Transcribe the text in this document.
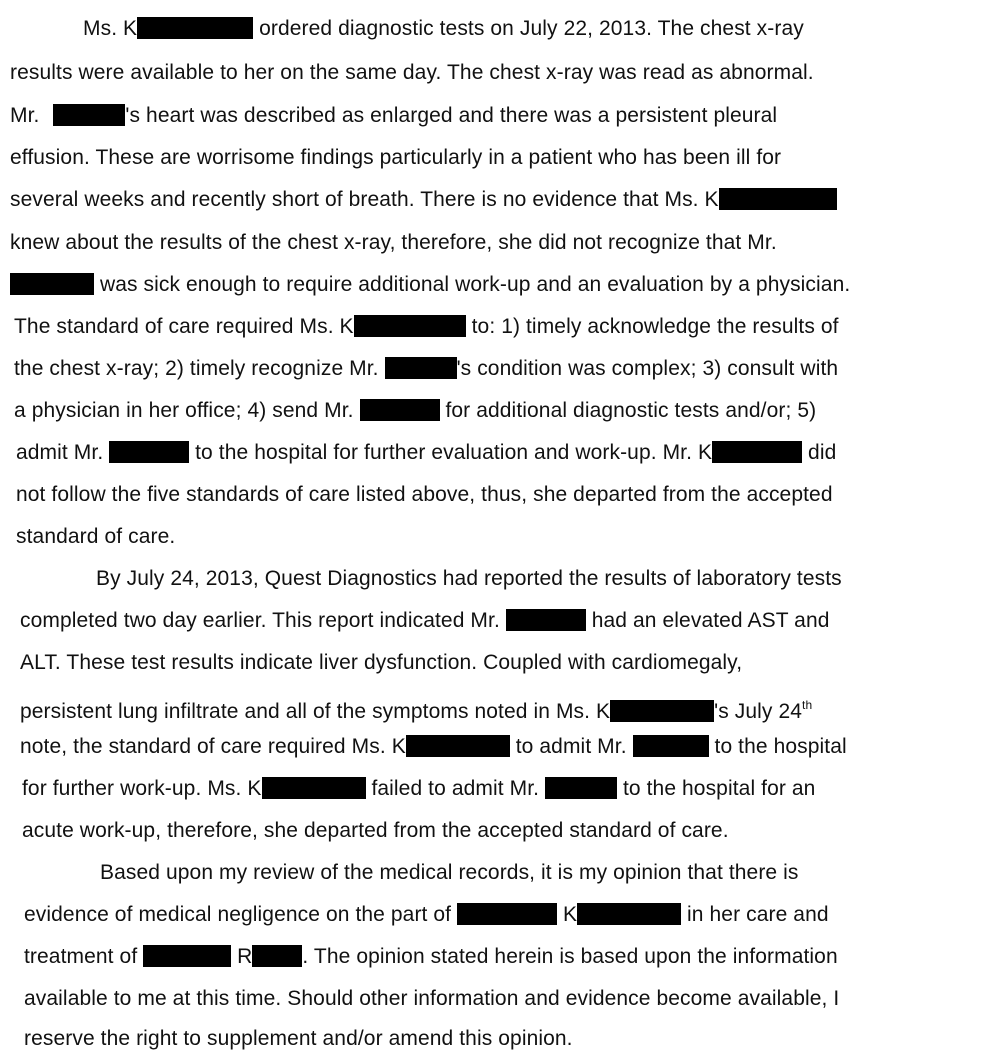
Ms. K	ordered diagnostic tests on July 22, 2013. The chest x-ray
results were available to her on the same day. The chest x-ray was read as abnormal.
Mr.	's heart was described as enlarged and there was a persistent pleural
effusion. These are worrisome findings particularly in a patient who has been ill for
several weeks and recently short of breath. There is no evidence that Ms. K
knew about the results of the chest x-ray, therefore, she did not recognize that Mr.
was sick enough to require additional work-up and an evaluation by a physician.
The standard of care required Ms. K	to: 1) timely acknowledge the results of
the chest x-ray; 2) timely recognize Mr.	's condition was complex; 3) consult with
a physician in her office; 4) send Mr.	for additional diagnostic tests and/or; 5)
admit Mr.	to the hospital for further evaluation and work-up. Mr. K	did
not follow the five standards of care listed above, thus, she departed from the accepted
standard of care.
By July 24, 2013, Quest Diagnostics had reported the results of laboratory tests
completed two day earlier. This report indicated Mr.	had an elevated AST and
ALT. These test results indicate liver dysfunction. Coupled with cardiomegaly,
persistent lung infiltrate and all of the symptoms noted in Ms. K	's July 24th
note, the standard of care required Ms. K	to admit Mr.	to the hospital
for further work-up. Ms. K	failed to admit Mr.	to the hospital for an
acute work-up, therefore, she departed from the accepted standard of care.
Based upon my review of the medical records, it is my opinion that there is
evidence of medical negligence on the part of	K	in her care and
treatment of	R . The opinion stated herein is based upon the information
available to me at this time. Should other information and evidence become available, I
reserve the right to supplement and/or amend this opinion.
